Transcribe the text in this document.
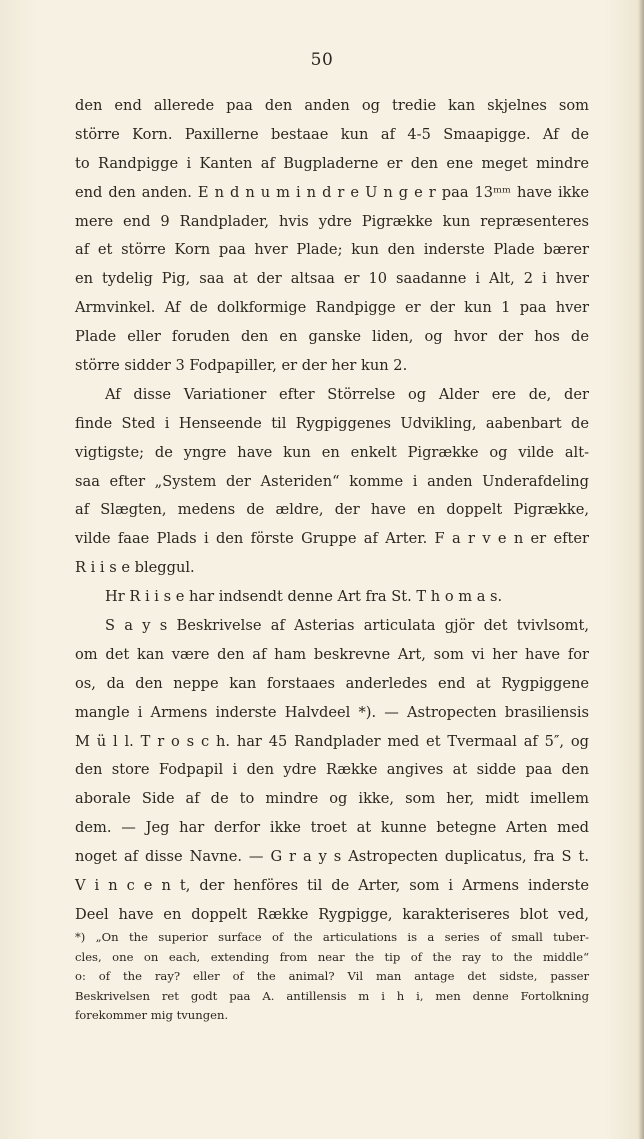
50
den end allerede paa den anden og tredie kan skjelnes som
större Korn. Paxillerne bestaae kun af 4-5 Smaapigge. Af de
to Randpigge i Kanten af Bugpladerne er den ene meget mindre
end den anden. E n d n u m i n d r e U n g e r paa 13ᵐᵐ have ikke
mere end 9 Randplader, hvis ydre Pigrække kun repræsenteres
af et större Korn paa hver Plade; kun den inderste Plade bærer
en tydelig Pig, saa at der altsaa er 10 saadanne i Alt, 2 i hver
Armvinkel. Af de dolkformige Randpigge er der kun 1 paa hver
Plade eller foruden den en ganske liden, og hvor der hos de
större sidder 3 Fodpapiller, er der her kun 2.
Af disse Variationer efter Störrelse og Alder ere de, der
finde Sted i Henseende til Rygpiggenes Udvikling, aabenbart de
vigtigste; de yngre have kun en enkelt Pigrække og vilde alt-
saa efter „System der Asteriden“ komme i anden Underafdeling
af Slægten, medens de ældre, der have en doppelt Pigrække,
vilde faae Plads i den förste Gruppe af Arter. F a r v e n er efter
R i i s e bleggul.
Hr R i i s e har indsendt denne Art fra St. T h o m a s.
S a y s Beskrivelse af Asterias articulata gjör det tvivlsomt,
om det kan være den af ham beskrevne Art, som vi her have for
os, da den neppe kan forstaaes anderledes end at Rygpiggene
mangle i Armens inderste Halvdeel *). — Astropecten brasiliensis
M ü l l. T r o s c h. har 45 Randplader med et Tvermaal af 5″, og
den store Fodpapil i den ydre Række angives at sidde paa den
aborale Side af de to mindre og ikke, som her, midt imellem
dem. — Jeg har derfor ikke troet at kunne betegne Arten med
noget af disse Navne. — G r a y s Astropecten duplicatus, fra S t.
V i n c e n t, der henföres til de Arter, som i Armens inderste
Deel have en doppelt Række Rygpigge, karakteriseres blot ved,
*) „On the superior surface of the articulations is a series of small tuber-
cles, one on each, extending from near the tip of the ray to the middle“
o: of the ray? eller of the animal? Vil man antage det sidste, passer
Beskrivelsen ret godt paa A. antillensis m i h i, men denne Fortolkning
forekommer mig tvungen.
